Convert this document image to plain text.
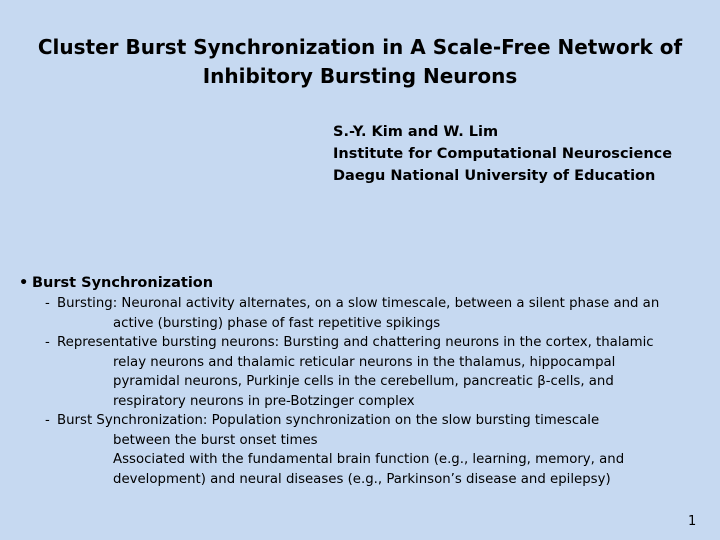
Cluster Burst Synchronization in A Scale-Free Network of
Inhibitory Bursting Neurons
S.-Y. Kim and W. Lim
Institute for Computational Neuroscience
Daegu National University of Education
• Burst Synchronization
- Bursting: Neuronal activity alternates, on a slow timescale, between a silent phase and an
active (bursting) phase of fast repetitive spikings
- Representative bursting neurons: Bursting and chattering neurons in the cortex, thalamic
relay neurons and thalamic reticular neurons in the thalamus, hippocampal
pyramidal neurons, Purkinje cells in the cerebellum, pancreatic β-cells, and
respiratory neurons in pre-Botzinger complex
- Burst Synchronization: Population synchronization on the slow bursting timescale
between the burst onset times
Associated with the fundamental brain function (e.g., learning, memory, and
development) and neural diseases (e.g., Parkinson’s disease and epilepsy)
1
